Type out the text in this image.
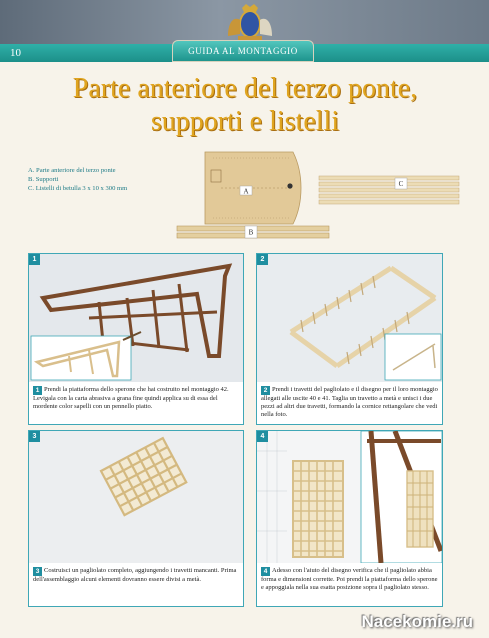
10	GUIDA AL MONTAGGIO
Parte anteriore del terzo ponte,
supporti e listelli
A. Parte anteriore del terzo ponte
B. Supporti
C. Listelli di betulla 3 x 10 x 300 mm	A
B
C
1
1 Prendi la piattaforma dello sperone che hai costruito nel montaggio 42. Levigala con la carta abrasiva a grana fine quindi applica su di essa del mordente color sapelli con un pennello piatto.
2
2 Prendi i travetti del pagliolato e il disegno per il loro montaggio allegati alle uscite 40 e 41. Taglia un travetto a metà e unisci i due pezzi ad altri due travetti, formando la cornice rettangolare che vedi nella foto.
3
3 Costruisci un pagliolato completo, aggiungendo i travetti mancanti. Prima dell'assemblaggio alcuni elementi dovranno essere divisi a metà.
4
4 Adesso con l'aiuto del disegno verifica che il pagliolato abbia forma e dimensioni corrette. Poi prendi la piattaforma dello sperone e appoggiala nella sua esatta posizione sopra il pagliolato stesso.
Nacekomie.ru
